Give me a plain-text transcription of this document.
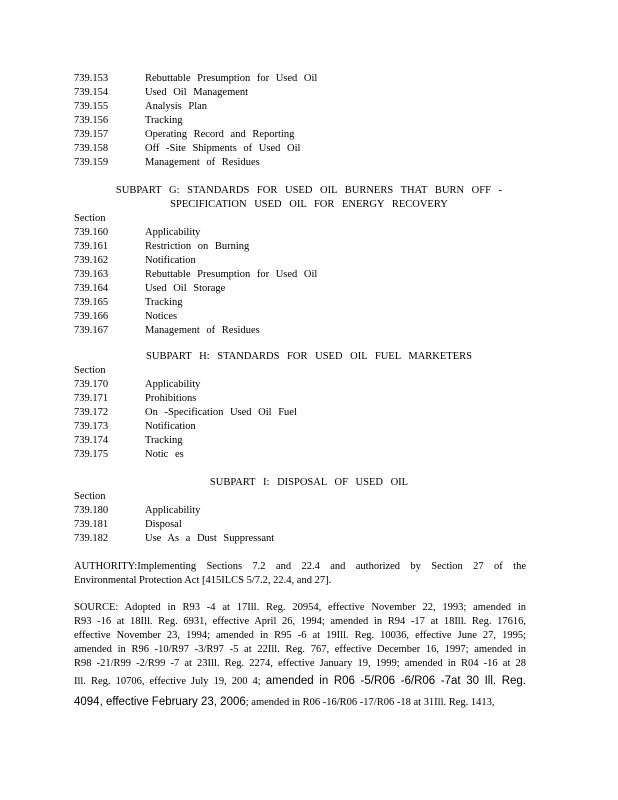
739.153	Rebuttable Presumption for Used Oil
739.154	Used Oil Management
739.155	Analysis Plan
739.156	Tracking
739.157	Operating Record and Reporting
739.158	Off -Site Shipments of Used Oil
739.159	Management of Residues
SUBPART G: STANDARDS FOR USED OIL BURNERS THAT BURN OFF -
SPECIFICATION USED OIL FOR ENERGY RECOVERY
Section
739.160	Applicability
739.161	Restriction on Burning
739.162	Notification
739.163	Rebuttable Presumption for Used Oil
739.164	Used Oil Storage
739.165	Tracking
739.166	Notices
739.167	Management of Residues
SUBPART H: STANDARDS FOR USED OIL FUEL MARKETERS
Section
739.170	Applicability
739.171	Prohibitions
739.172	On -Specification Used Oil Fuel
739.173	Notification
739.174	Tracking
739.175	Notic es
SUBPART I: DISPOSAL OF USED OIL
Section
739.180	Applicability
739.181	Disposal
739.182	Use As a Dust Suppressant
AUTHORITY:Implementing Sections 7.2 and 22.4 and authorized by Section 27 of the
Environmental Protection Act [415ILCS 5/7.2, 22.4, and 27].
SOURCE: Adopted in R93 -4 at 17Ill. Reg. 20954, effective November 22, 1993; amended in
R93 -16 at 18Ill. Reg. 6931, effective April 26, 1994; amended in R94 -17 at 18Ill. Reg. 17616,
effective November 23, 1994; amended in R95 -6 at 19Ill. Reg. 10036, effective June 27, 1995;
amended in R96 -10/R97 -3/R97 -5 at 22Ill. Reg. 767, effective December 16, 1997; amended in
R98 -21/R99 -2/R99 -7 at 23Ill. Reg. 2274, effective January 19, 1999; amended in R04 -16 at 28
Ill. Reg. 10706, effective July 19, 200 4; amended in R06 -5/R06 -6/R06 -7at 30 Ill. Reg.
4094, effective February 23, 2006; amended in R06 -16/R06 -17/R06 -18 at 31Ill. Reg. 1413,
